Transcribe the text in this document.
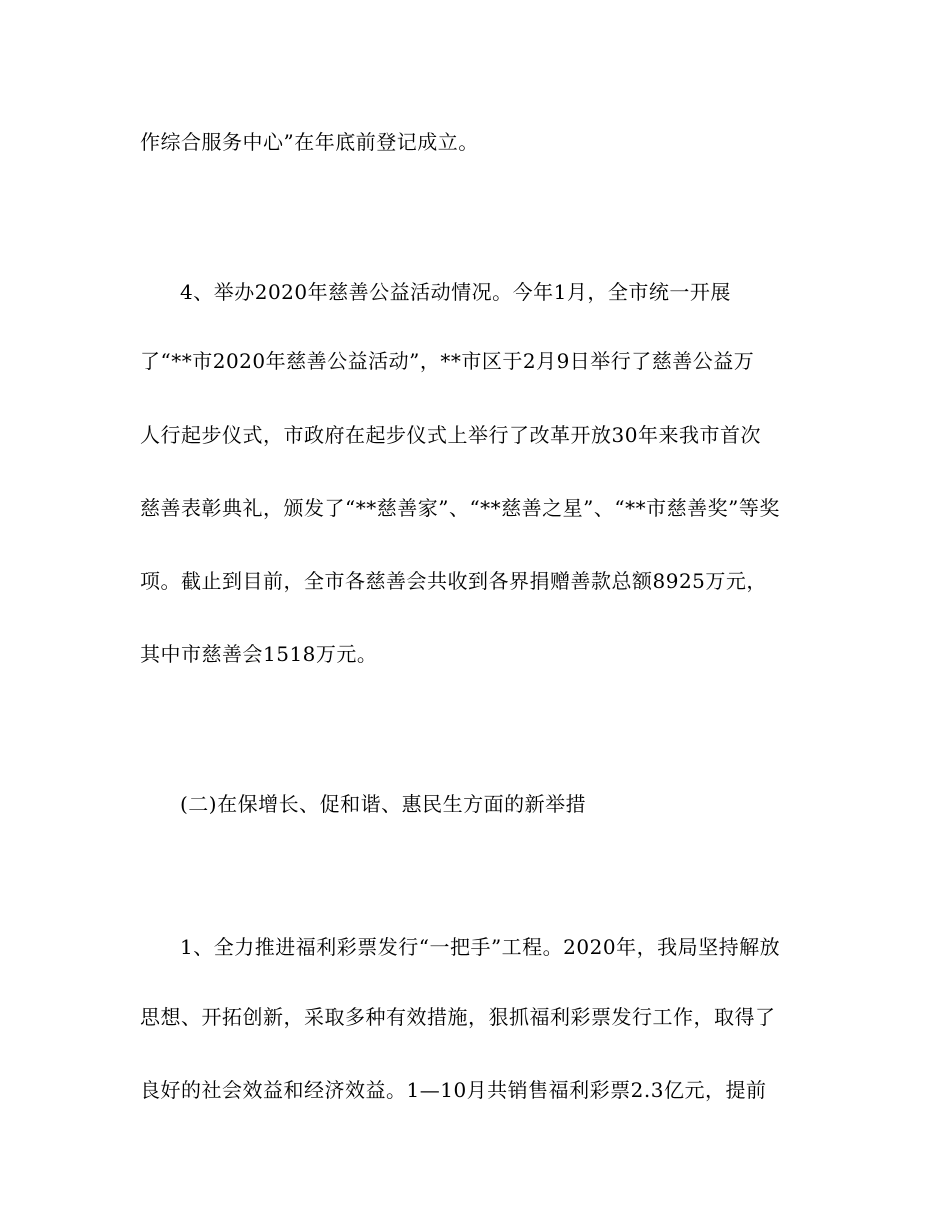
作综合服务中心”在年底前登记成立。
4、举办2020年慈善公益活动情况。今年1月，全市统一开展
了“**市2020年慈善公益活动”，**市区于2月9日举行了慈善公益万
人行起步仪式，市政府在起步仪式上举行了改革开放30年来我市首次
慈善表彰典礼，颁发了“**慈善家”、“**慈善之星”、“**市慈善奖”等奖
项。截止到目前，全市各慈善会共收到各界捐赠善款总额8925万元，
其中市慈善会1518万元。
(二)在保增长、促和谐、惠民生方面的新举措
1、全力推进福利彩票发行“一把手”工程。2020年，我局坚持解放
思想、开拓创新，采取多种有效措施，狠抓福利彩票发行工作，取得了
良好的社会效益和经济效益。1—10月共销售福利彩票2.3亿元，提前
